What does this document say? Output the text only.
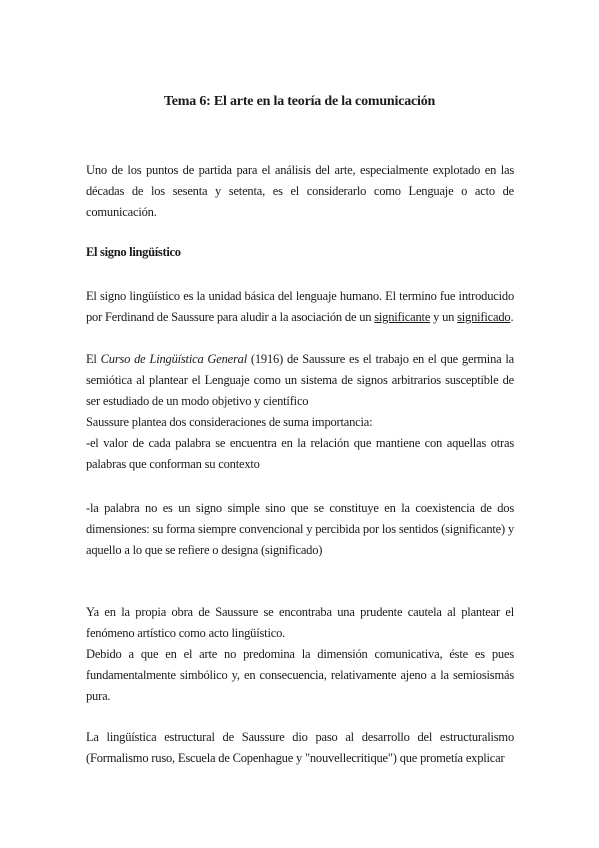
Tema 6: El arte en la teoría de la comunicación

Uno de los puntos de partida para el análisis del arte, especialmente explotado en las décadas de los sesenta y setenta, es el considerarlo como Lenguaje o acto de comunicación.

El signo lingüístico

El signo lingüístico es la unidad básica del lenguaje humano. El termino fue introducido por Ferdinand de Saussure para aludir a la asociación de un significante y un significado.

El Curso de Lingüística General (1916) de Saussure es el trabajo en el que germina la semiótica al plantear el Lenguaje como un sistema de signos arbitrarios susceptible de ser estudiado de un modo objetivo y científico

Saussure plantea dos consideraciones de suma importancia:

-el valor de cada palabra se encuentra en la relación que mantiene con aquellas otras palabras que conforman su contexto

-la palabra no es un signo simple sino que se constituye en la coexistencia de dos dimensiones: su forma siempre convencional y percibida por los sentidos (significante) y aquello a lo que se refiere o designa (significado)

Ya en la propia obra de Saussure se encontraba una prudente cautela al plantear el fenómeno artístico como acto lingüístico.

Debido a que en el arte no predomina la dimensión comunicativa, éste es pues fundamentalmente simbólico y, en consecuencia, relativamente ajeno a la semiosismás pura.

La lingüística estructural de Saussure dio paso al desarrollo del estructuralismo (Formalismo ruso, Escuela de Copenhague y "nouvellecritique") que prometía explicar
